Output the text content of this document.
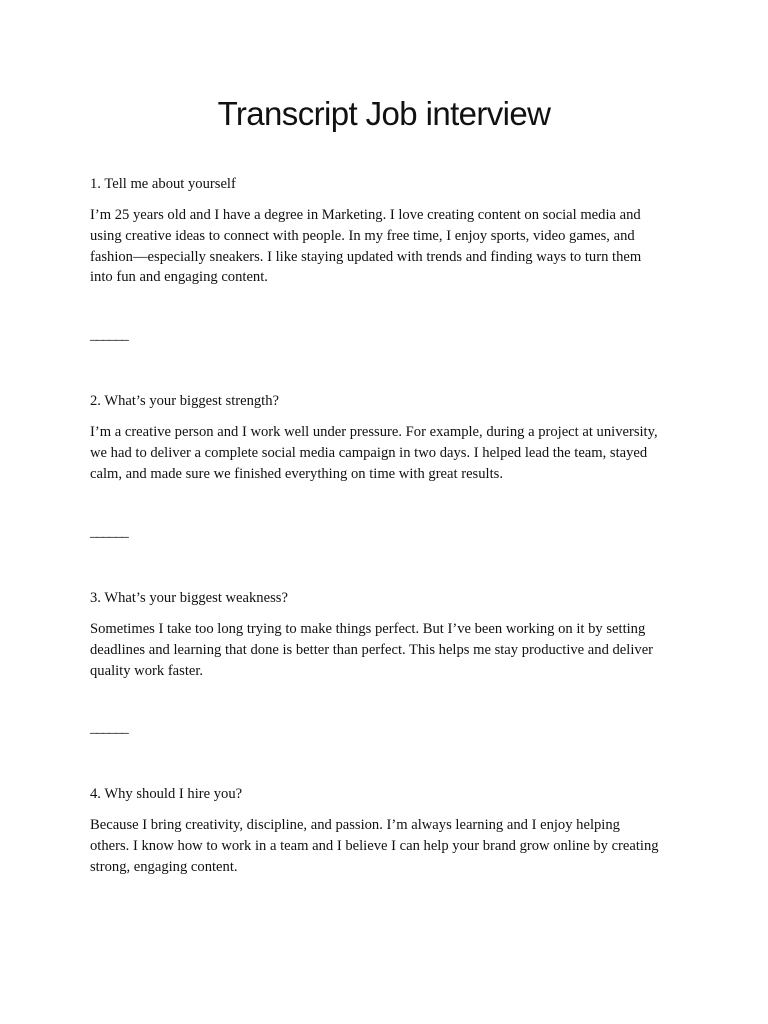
Transcript Job interview

1. Tell me about yourself

I’m 25 years old and I have a degree in Marketing. I love creating content on social media and
using creative ideas to connect with people. In my free time, I enjoy sports, video games, and
fashion—especially sneakers. I like staying updated with trends and finding ways to turn them
into fun and engaging content.

______

2. What’s your biggest strength?

I’m a creative person and I work well under pressure. For example, during a project at university,
we had to deliver a complete social media campaign in two days. I helped lead the team, stayed
calm, and made sure we finished everything on time with great results.

______

3. What’s your biggest weakness?

Sometimes I take too long trying to make things perfect. But I’ve been working on it by setting
deadlines and learning that done is better than perfect. This helps me stay productive and deliver
quality work faster.

______

4. Why should I hire you?

Because I bring creativity, discipline, and passion. I’m always learning and I enjoy helping
others. I know how to work in a team and I believe I can help your brand grow online by creating
strong, engaging content.
